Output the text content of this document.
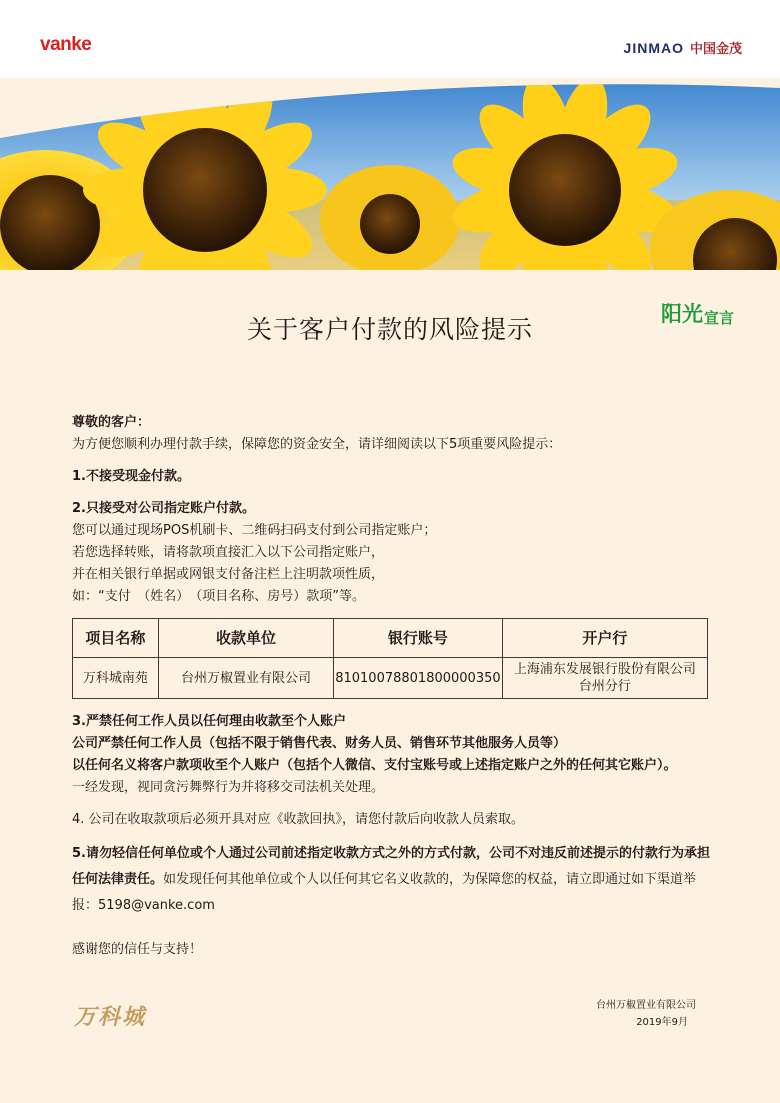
vanke	JINMAO 中国金茂
阳光 宣言
关于客户付款的风险提示

尊敬的客户：

为方便您顺利办理付款手续，保障您的资金安全，请详细阅读以下5项重要风险提示：

1.不接受现金付款。

2.只接受对公司指定账户付款。

您可以通过现场POS机刷卡、二维码扫码支付到公司指定账户；

若您选择转账，请将款项直接汇入以下公司指定账户，

并在相关银行单据或网银支付备注栏上注明款项性质，

如：“支付　（姓名）　（项目名称、房号）款项”等。

项目名称	收款单位	银行账号	开户行
万科城南苑	台州万椒置业有限公司	81010078801800000350	上海浦东发展银行股份有限公司
台州分行

3.严禁任何工作人员以任何理由收款至个人账户

公司严禁任何工作人员（包括不限于销售代表、财务人员、销售环节其他服务人员等）

以任何名义将客户款项收至个人账户（包括个人微信、支付宝账号或上述指定账户之外的任何其它账户）。

一经发现，视同贪污舞弊行为并将移交司法机关处理。

4. 公司在收取款项后必须开具对应《收款回执》，请您付款后向收款人员索取。

5.请勿轻信任何单位或个人通过公司前述指定收款方式之外的方式付款，公司不对违反前述提示的付款行为承担任何法律责任。如发现任何其他单位或个人以任何其它名义收款的，为保障您的权益，请立即通过如下渠道举报：5198@vanke.com

感谢您的信任与支持！

万科城	台州万椒置业有限公司
2019年9月
